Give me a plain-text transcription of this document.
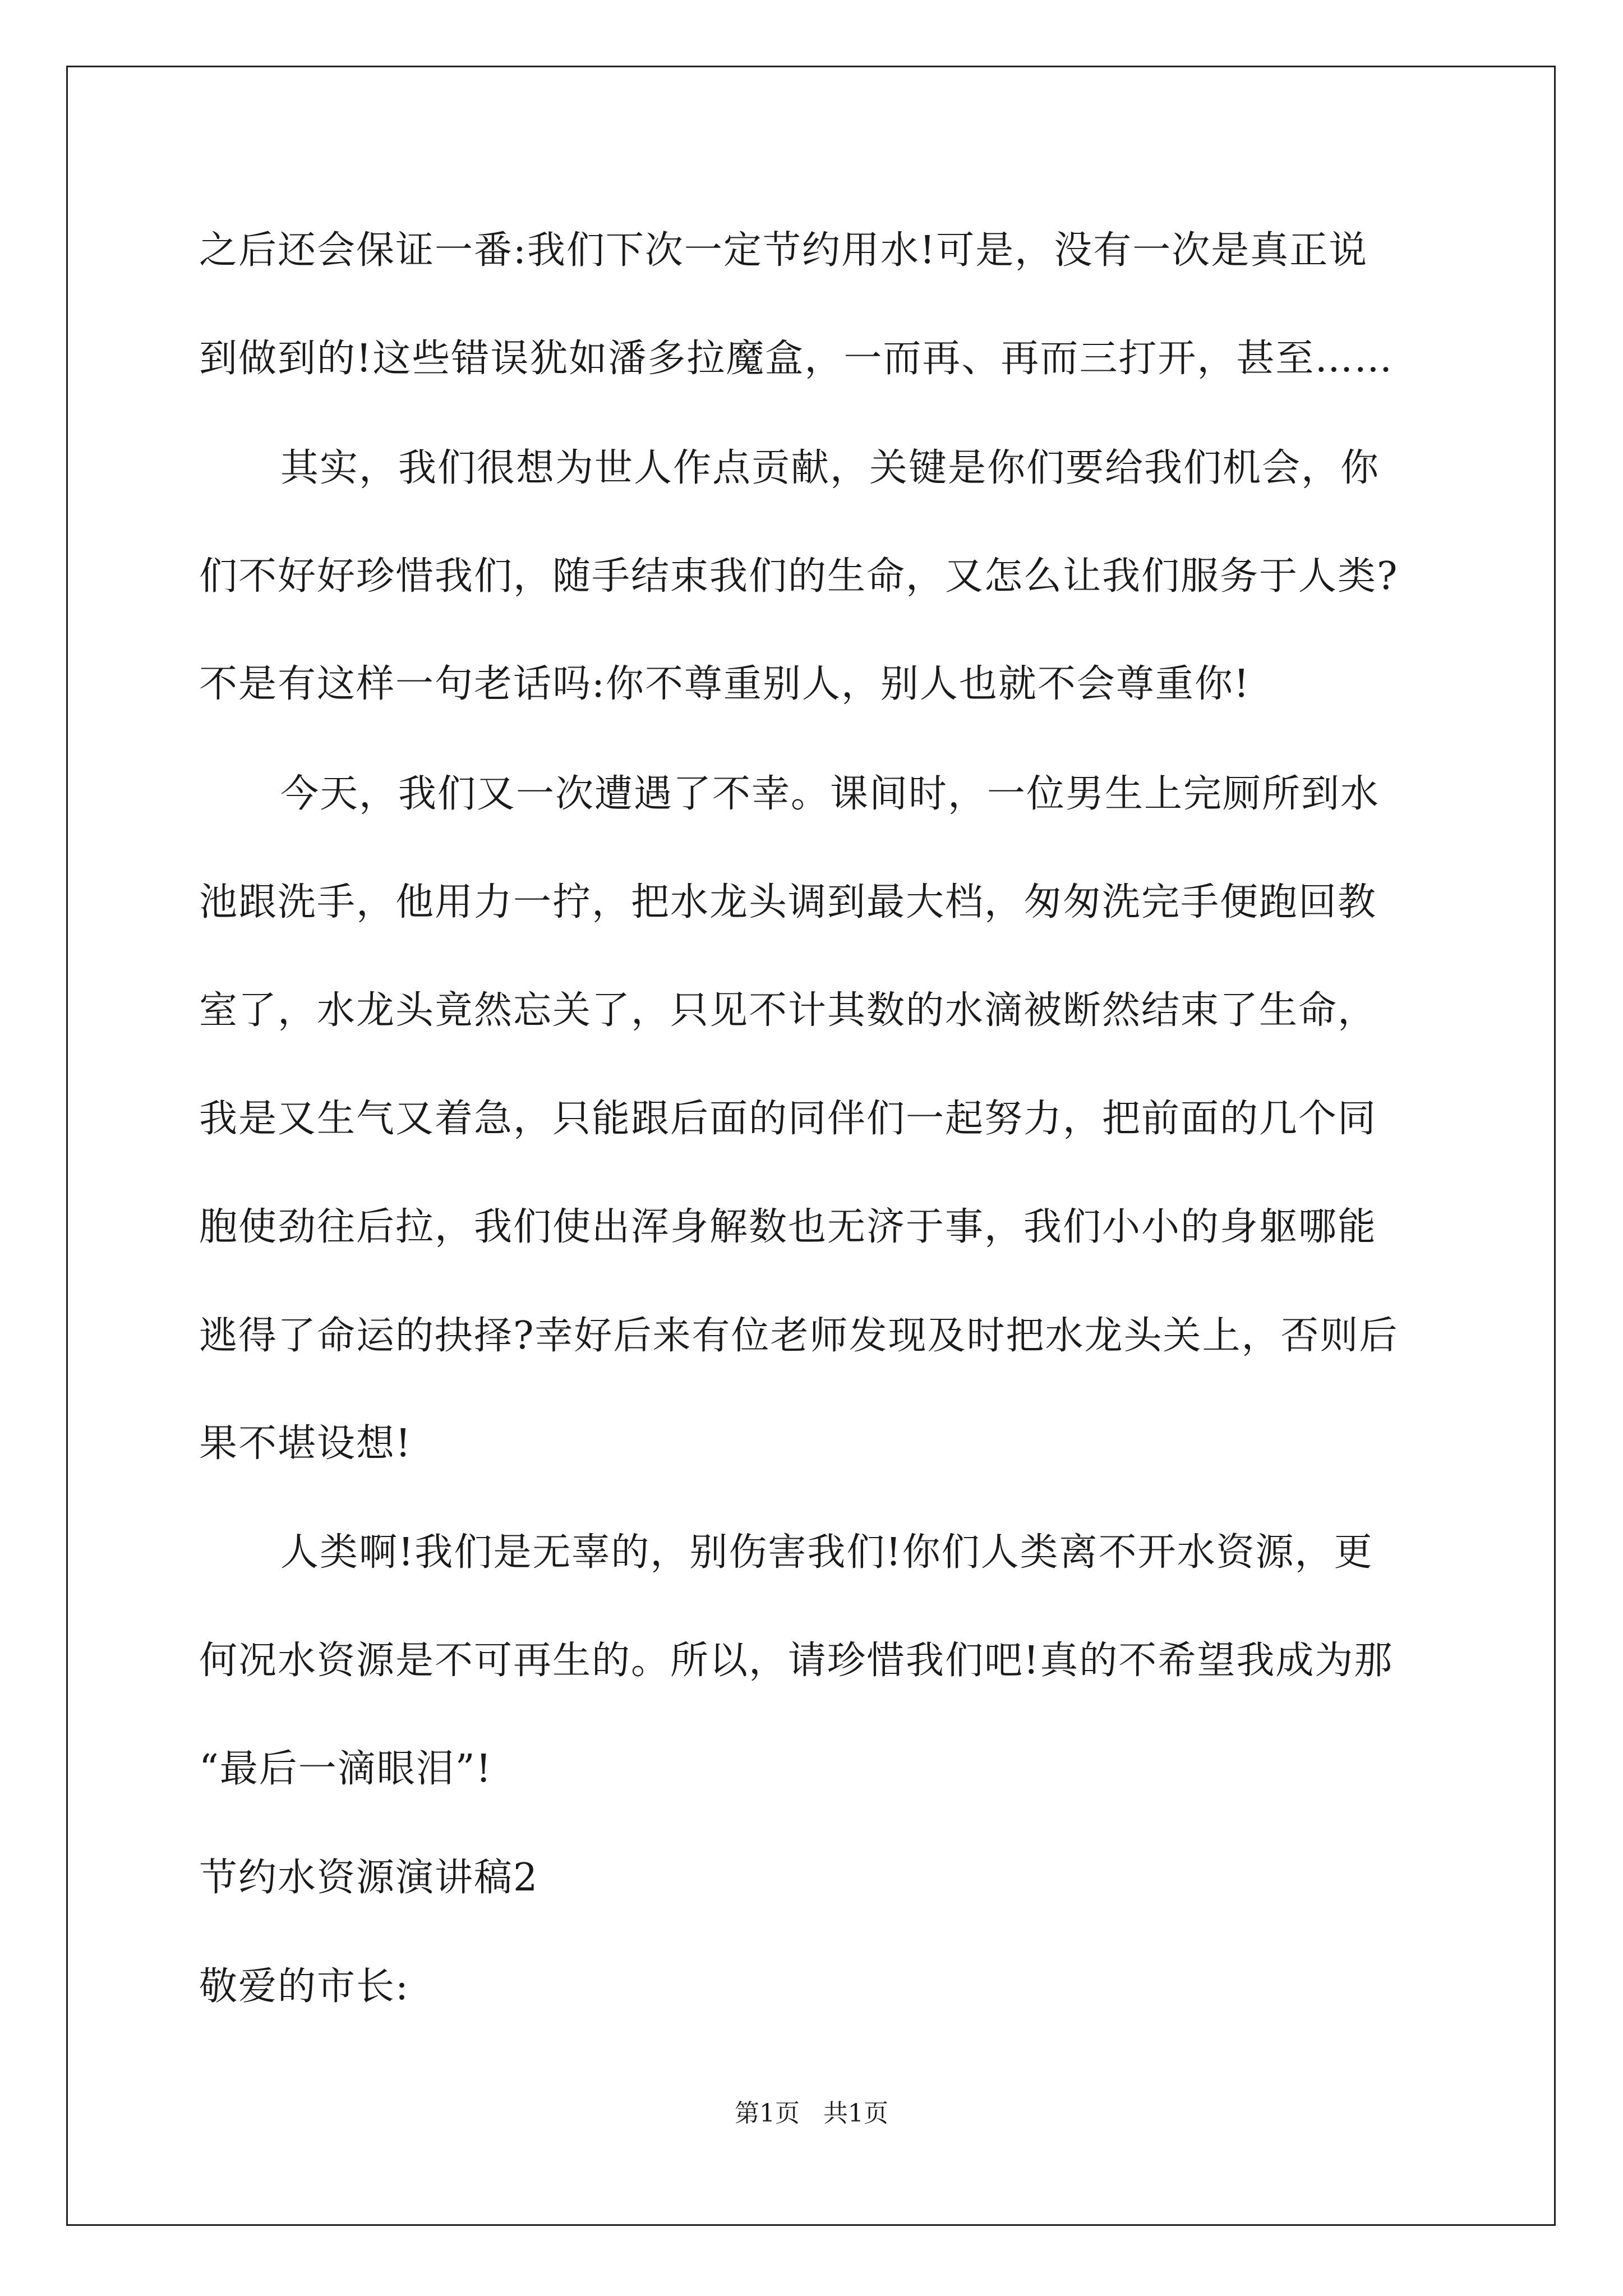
之后还会保证一番:我们下次一定节约用水!可是，没有一次是真正说
到做到的!这些错误犹如潘多拉魔盒，一而再、再而三打开，甚至……
其实，我们很想为世人作点贡献，关键是你们要给我们机会，你
们不好好珍惜我们，随手结束我们的生命，又怎么让我们服务于人类?
不是有这样一句老话吗:你不尊重别人，别人也就不会尊重你!
今天，我们又一次遭遇了不幸。课间时，一位男生上完厕所到水
池跟洗手，他用力一拧，把水龙头调到最大档，匆匆洗完手便跑回教
室了，水龙头竟然忘关了，只见不计其数的水滴被断然结束了生命，
我是又生气又着急，只能跟后面的同伴们一起努力，把前面的几个同
胞使劲往后拉，我们使出浑身解数也无济于事，我们小小的身躯哪能
逃得了命运的抉择?幸好后来有位老师发现及时把水龙头关上，否则后
果不堪设想!
人类啊!我们是无辜的，别伤害我们!你们人类离不开水资源，更
何况水资源是不可再生的。所以，请珍惜我们吧!真的不希望我成为那
“最后一滴眼泪”!
节约水资源演讲稿2
敬爱的市长:
第1页   共1页
